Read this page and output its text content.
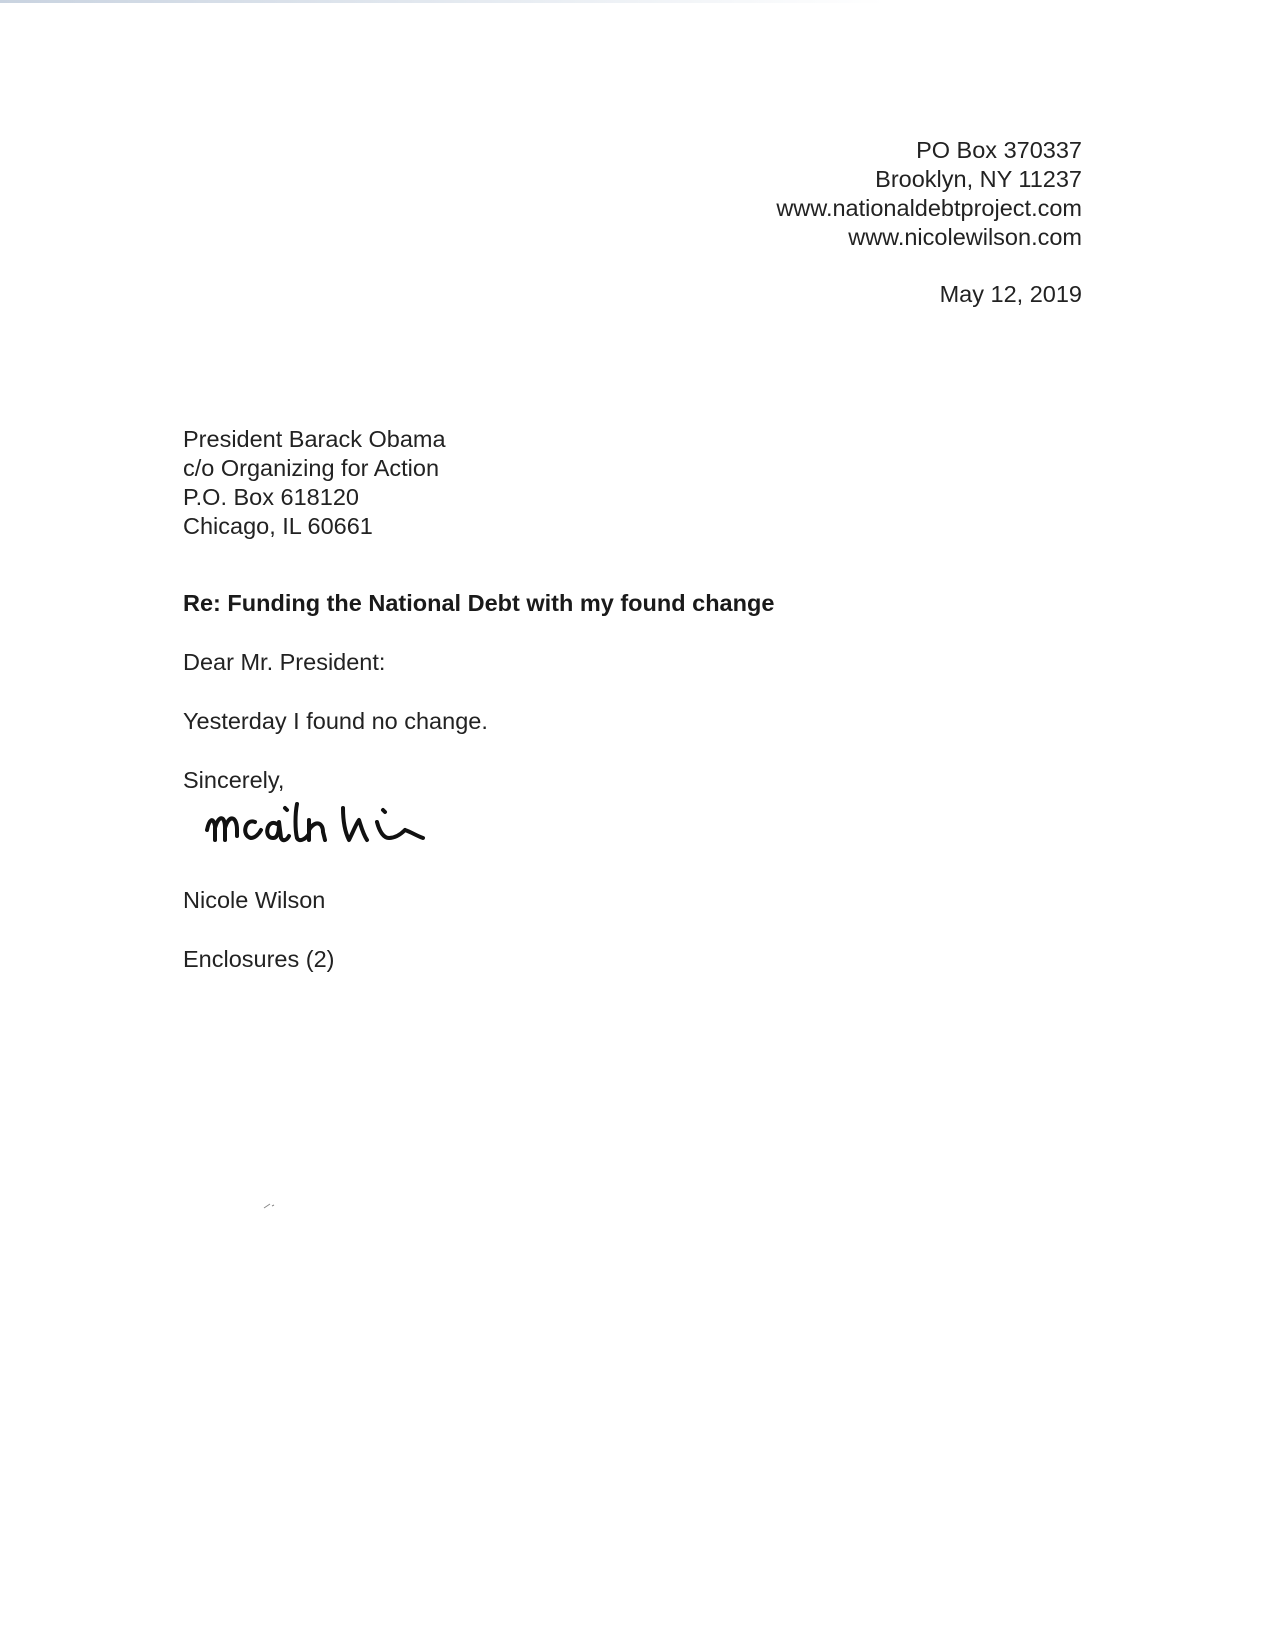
PO Box 370337
Brooklyn, NY 11237
www.nationaldebtproject.com
www.nicolewilson.com
May 12, 2019
President Barack Obama
c/o Organizing for Action
P.O. Box 618120
Chicago, IL 60661
Re: Funding the National Debt with my found change
Dear Mr. President:
Yesterday I found no change.
Sincerely,
Nicole Wilson
Enclosures (2)
